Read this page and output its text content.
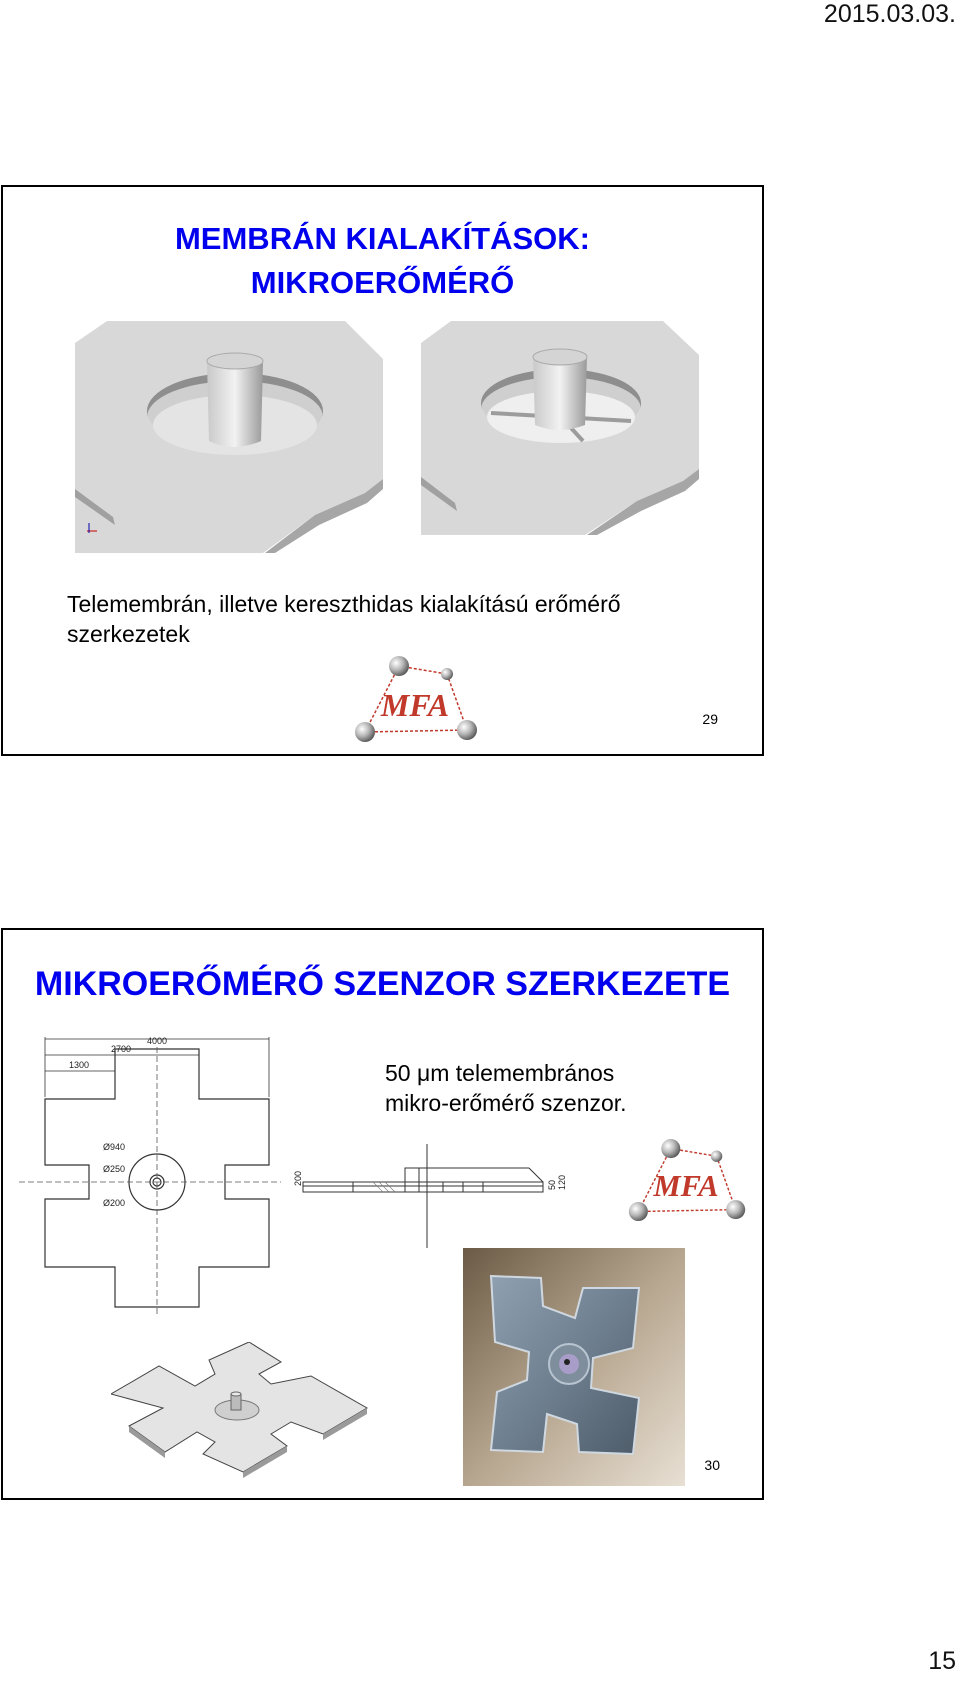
2015.03.03.
MEMBRÁN KIALAKÍTÁSOK:
MIKROERŐMÉRŐ
Telemembrán, illetve kereszthidas kialakítású erőmérő szerkezetek
MFA	29
MIKROERŐMÉRŐ SZENZOR SZERKEZETE
4000
2700
1300
Ø940
Ø250
Ø200
200	50 120
50 μm telemembrános
mikro-erőmérő szenzor.
MFA
30
15
